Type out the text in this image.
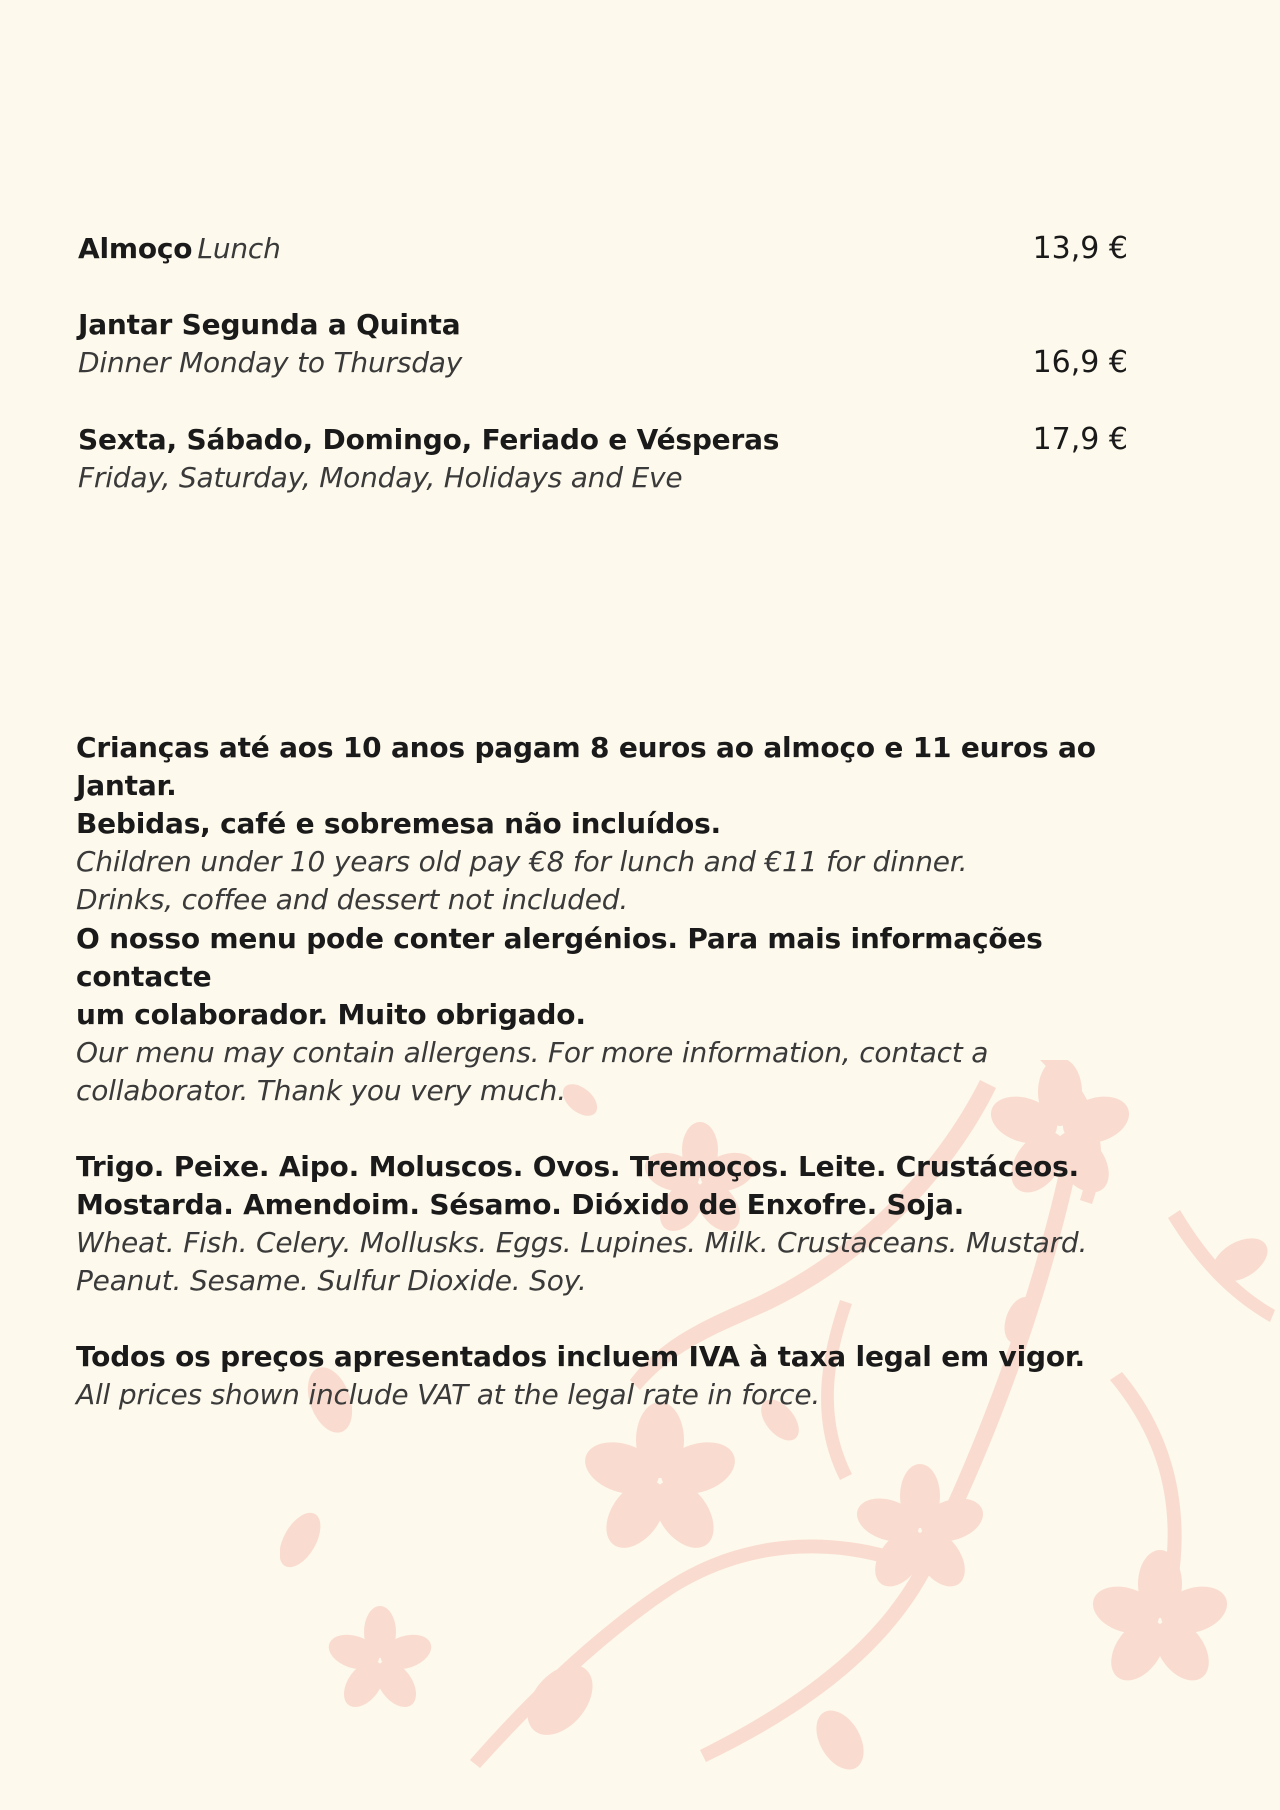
Almoço Lunch	13,9 €
Jantar Segunda a Quinta
Dinner Monday to Thursday	16,9 €
Sexta, Sábado, Domingo, Feriado e Vésperas
Friday, Saturday, Monday, Holidays and Eve
17,9 €
Crianças até aos 10 anos pagam 8 euros ao almoço e 11 euros ao Jantar.
Bebidas, café e sobremesa não incluídos.
Children under 10 years old pay €8 for lunch and €11 for dinner.
Drinks, coffee and dessert not included.
O nosso menu pode conter alergénios. Para mais informações contacte
um colaborador. Muito obrigado.
Our menu may contain allergens. For more information, contact a
collaborator. Thank you very much.
Trigo. Peixe. Aipo. Moluscos. Ovos. Tremoços. Leite. Crustáceos.
Mostarda. Amendoim. Sésamo. Dióxido de Enxofre. Soja.
Wheat. Fish. Celery. Mollusks. Eggs. Lupines. Milk. Crustaceans. Mustard.
Peanut. Sesame. Sulfur Dioxide. Soy.
Todos os preços apresentados incluem IVA à taxa legal em vigor.
All prices shown include VAT at the legal rate in force.
